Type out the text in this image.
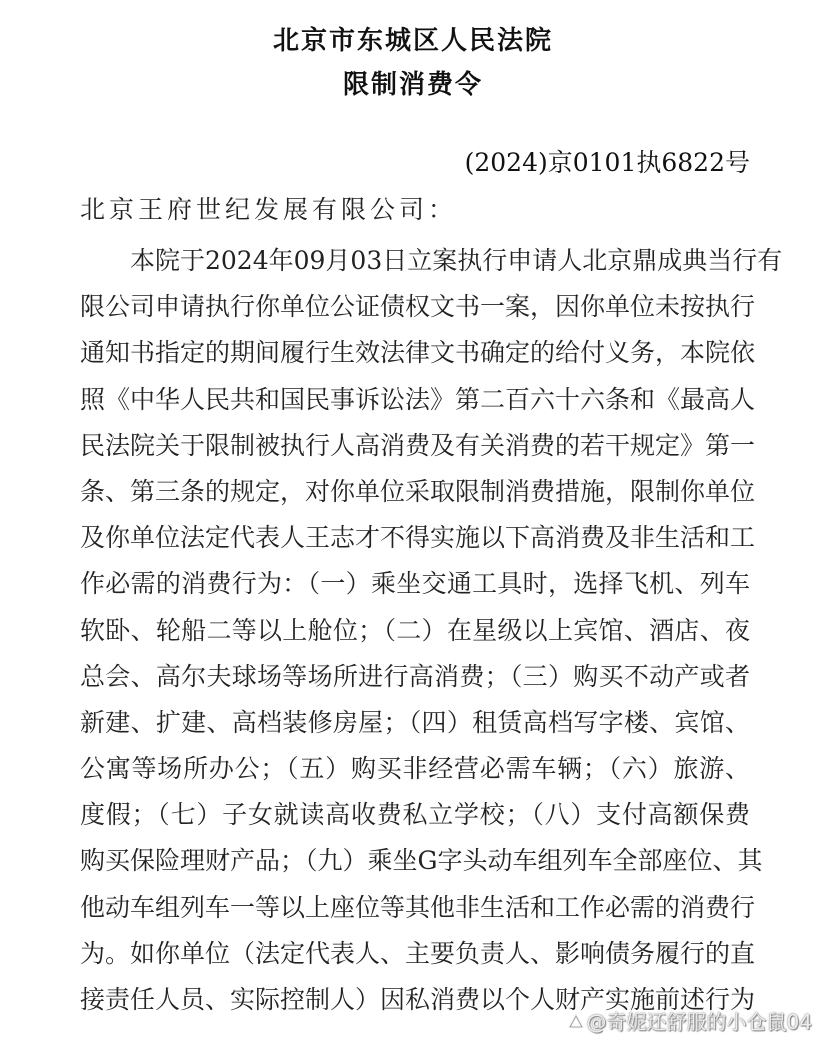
北京市东城区人民法院
限制消费令
(2024)京0101执6822号
北京王府世纪发展有限公司：
　　本院于2024年09月03日立案执行申请人北京鼎成典当行有
限公司申请执行你单位公证债权文书一案，因你单位未按执行
通知书指定的期间履行生效法律文书确定的给付义务，本院依
照《中华人民共和国民事诉讼法》第二百六十六条和《最高人
民法院关于限制被执行人高消费及有关消费的若干规定》第一
条、第三条的规定，对你单位采取限制消费措施，限制你单位
及你单位法定代表人王志才不得实施以下高消费及非生活和工
作必需的消费行为：（一）乘坐交通工具时，选择飞机、列车
软卧、轮船二等以上舱位；（二）在星级以上宾馆、酒店、夜
总会、高尔夫球场等场所进行高消费；（三）购买不动产或者
新建、扩建、高档装修房屋；（四）租赁高档写字楼、宾馆、
公寓等场所办公；（五）购买非经营必需车辆；（六）旅游、
度假；（七）子女就读高收费私立学校；（八）支付高额保费
购买保险理财产品；（九）乘坐G字头动车组列车全部座位、其
他动车组列车一等以上座位等其他非生活和工作必需的消费行
为。如你单位（法定代表人、主要负责人、影响债务履行的直
接责任人员、实际控制人）因私消费以个人财产实施前述行为
@奇妮还舒服的小仓鼠04
